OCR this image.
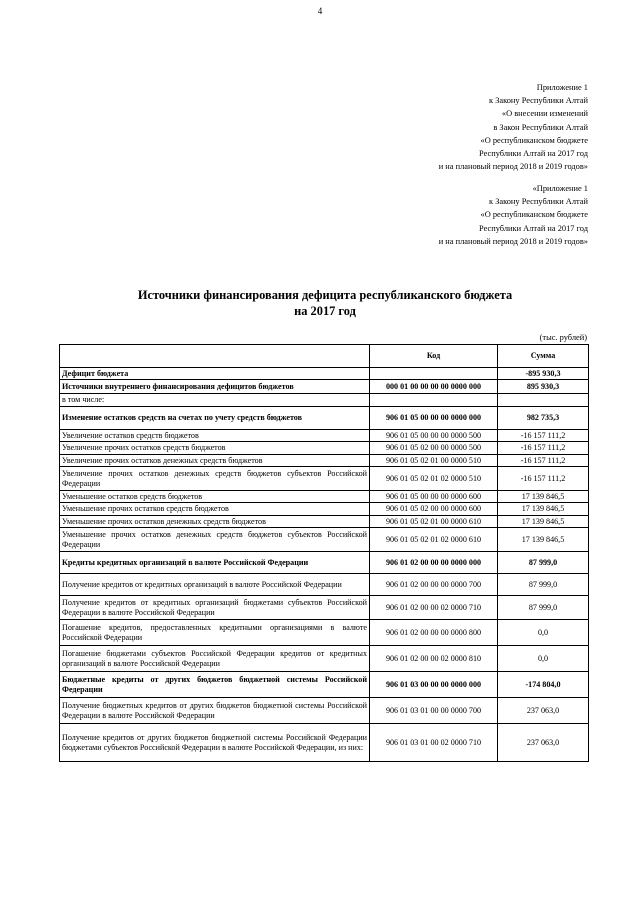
4
Приложение 1
к Закону Республики Алтай
«О внесении изменений
в Закон Республики Алтай
«О республиканском бюджете
Республики Алтай на 2017 год
и на плановый период 2018 и 2019 годов»
«Приложение 1
к Закону Республики Алтай
«О республиканском бюджете
Республики Алтай на 2017 год
и на плановый период 2018 и 2019 годов»
Источники финансирования дефицита республиканского бюджета
на 2017 год
(тыс. рублей)
	Код	Сумма
Дефицит бюджета		-895 930,3
Источники внутреннего финансирования дефицитов бюджетов	000 01 00 00 00 00 0000 000	895 930,3
в том числе:		
Изменение остатков средств на счетах по учету средств бюджетов	906 01 05 00 00 00 0000 000	982 735,3
Увеличение остатков средств бюджетов	906 01 05 00 00 00 0000 500	-16 157 111,2
Увеличение прочих остатков средств бюджетов	906 01 05 02 00 00 0000 500	-16 157 111,2
Увеличение прочих остатков денежных средств бюджетов	906 01 05 02 01 00 0000 510	-16 157 111,2
Увеличение прочих остатков денежных средств бюджетов субъектов Российской Федерации	906 01 05 02 01 02 0000 510	-16 157 111,2
Уменьшение остатков средств бюджетов	906 01 05 00 00 00 0000 600	17 139 846,5
Уменьшение прочих остатков средств бюджетов	906 01 05 02 00 00 0000 600	17 139 846,5
Уменьшение прочих остатков денежных средств бюджетов	906 01 05 02 01 00 0000 610	17 139 846,5
Уменьшение прочих остатков денежных средств бюджетов субъектов Российской Федерации	906 01 05 02 01 02 0000 610	17 139 846,5
Кредиты кредитных организаций в валюте Российской Федерации	906 01 02 00 00 00 0000 000	87 999,0
Получение кредитов от кредитных организаций в валюте Российской Федерации	906 01 02 00 00 00 0000 700	87 999,0
Получение кредитов от кредитных организаций бюджетами субъектов Российской Федерации в валюте Российской Федерации	906 01 02 00 00 02 0000 710	87 999,0
Погашение кредитов, предоставленных кредитными организациями в валюте Российской Федерации	906 01 02 00 00 00 0000 800	0,0
Погашение бюджетами субъектов Российской Федерации кредитов от кредитных организаций в валюте Российской Федерации	906 01 02 00 00 02 0000 810	0,0
Бюджетные кредиты от других бюджетов бюджетной системы Российской Федерации	906 01 03 00 00 00 0000 000	-174 804,0
Получение бюджетных кредитов от других бюджетов бюджетной системы Российской Федерации в валюте Российской Федерации	906 01 03 01 00 00 0000 700	237 063,0
Получение кредитов от других бюджетов бюджетной системы Российской Федерации бюджетами субъектов Российской Федерации в валюте Российской Федерации, из них:	906 01 03 01 00 02 0000 710	237 063,0
